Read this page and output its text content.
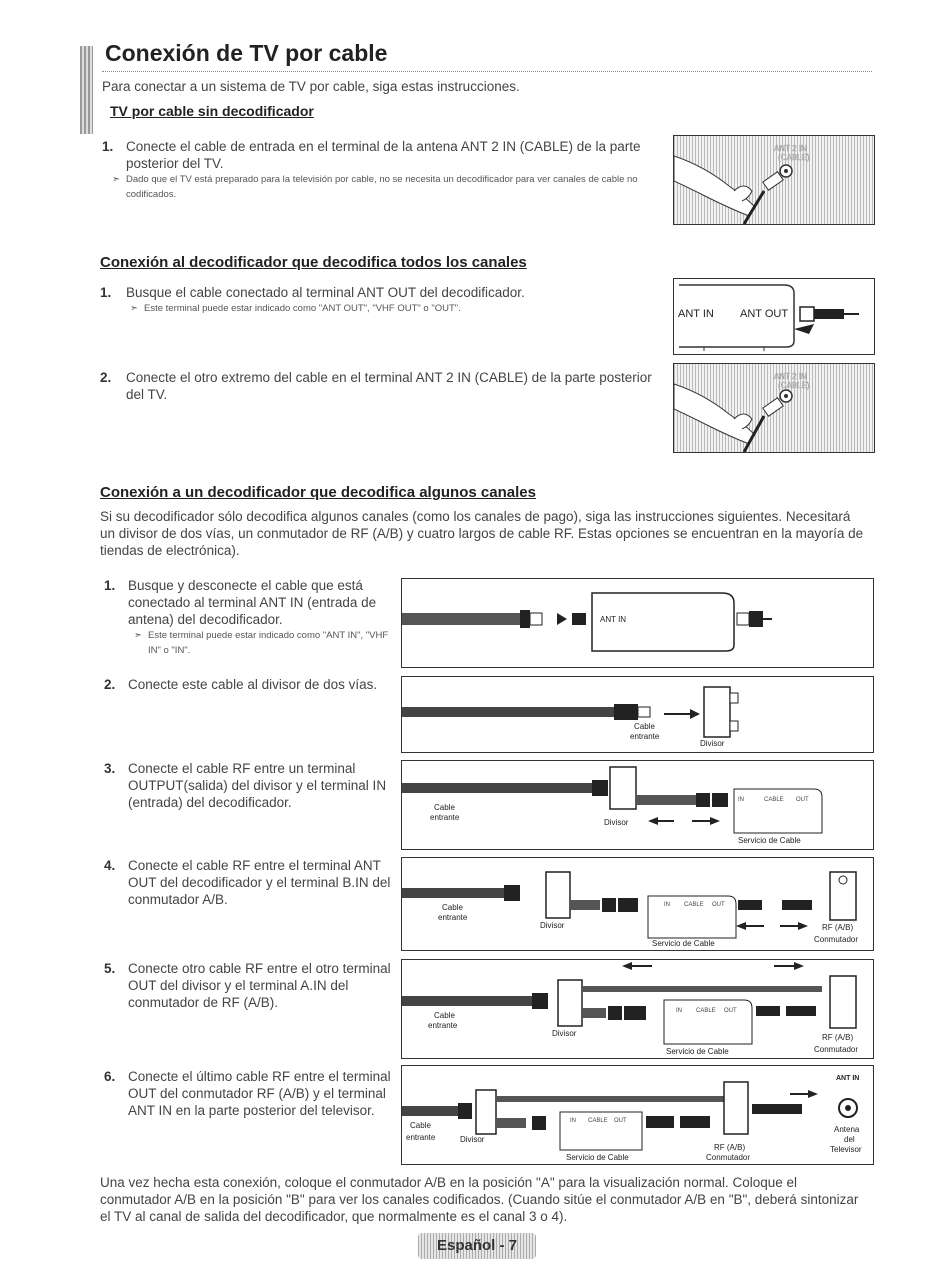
Conexión de TV por cable
Para conectar a un sistema de TV por cable, siga estas instrucciones.
TV por cable sin decodificador
1. Conecte el cable de entrada en el terminal de la antena ANT 2 IN (CABLE) de la parte posterior del TV.
➣ Dado que el TV está preparado para la televisión por cable, no se necesita un decodificador para ver canales de cable no codificados.
ANT 2 IN
(CABLE)
Conexión al decodificador que decodifica todos los canales
1. Busque el cable conectado al terminal ANT OUT del decodificador.
➣ Este terminal puede estar indicado como "ANT OUT", "VHF OUT" o "OUT".	ANT IN ANT OUT
2. Conecte el otro extremo del cable en el terminal ANT 2 IN (CABLE) de la parte posterior del TV.
ANT 2 IN
(CABLE)
Conexión a un decodificador que decodifica algunos canales
Si su decodificador sólo decodifica algunos canales (como los canales de pago), siga las instrucciones siguientes. Necesitará un divisor de dos vías, un conmutador de RF (A/B) y cuatro largos de cable RF. Estas opciones se encuentran en la mayoría de tiendas de electrónica).
1. Busque y desconecte el cable que está conectado al terminal ANT IN (entrada de antena) del decodificador.
➣ Este terminal puede estar indicado como "ANT IN", "VHF IN" o "IN".
ANT IN
2. Conecte este cable al divisor de dos vías.
Cable
entrante
Divisor
3. Conecte el cable RF entre un terminal OUTPUT(salida) del divisor y el terminal IN (entrada) del decodificador.	IN	CABLE OUT
Cable
entrante
Divisor
Servicio de Cable
4. Conecte el cable RF entre el terminal ANT OUT del decodificador y el terminal B.IN del conmutador A/B.	IN CABLE OUT
Cable
entrante
Divisor
Servicio de Cable
RF (A/B)
Conmutador
5. Conecte otro cable RF entre el otro terminal OUT del divisor y el terminal A.IN del conmutador de RF (A/B).
IN CABLE OUT
Cable
entrante
Divisor
Servicio de Cable
RF (A/B)
Conmutador
6. Conecte el último cable RF entre el terminal OUT del conmutador RF (A/B) y el terminal ANT IN en la parte posterior del televisor.
ANT IN
IN CABLE OUT
Cable
entrante	Divisor
Servicio de Cable
RF (A/B)
Conmutador
Antena
del
Televisor
Una vez hecha esta conexión, coloque el conmutador A/B en la posición "A" para la visualización normal. Coloque el conmutador A/B en la posición "B" para ver los canales codificados. (Cuando sitúe el conmutador A/B en "B", deberá sintonizar el TV al canal de salida del decodificador, que normalmente es el canal 3 o 4).
Español - 7
